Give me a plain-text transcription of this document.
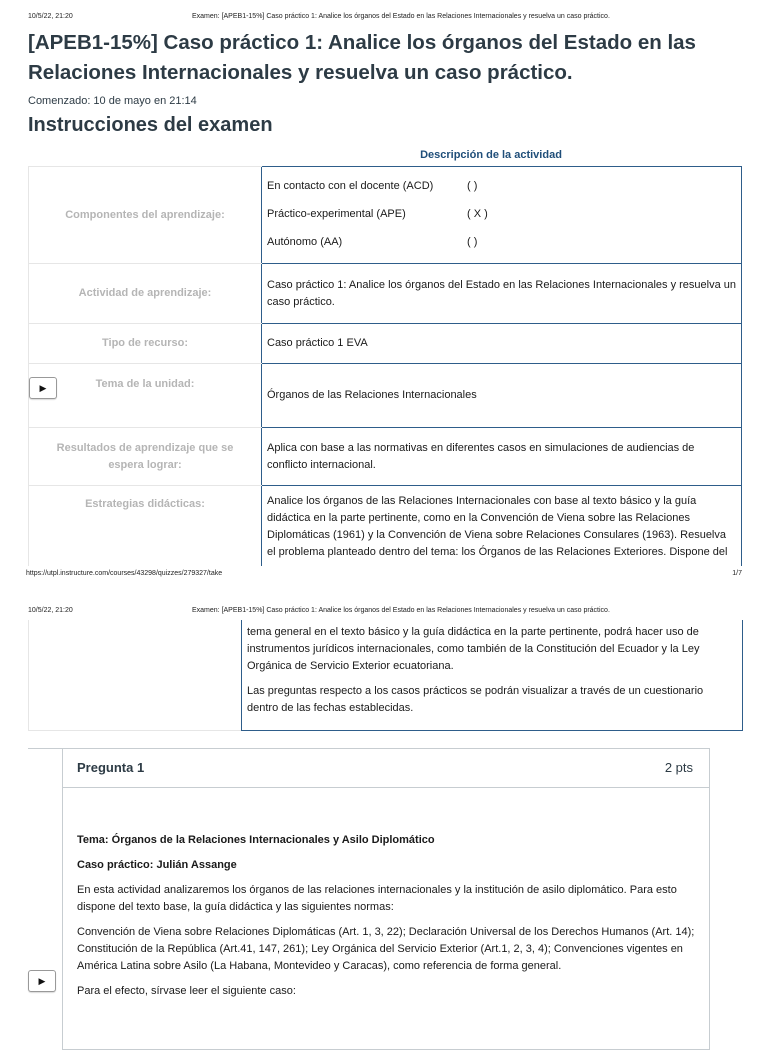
10/5/22, 21:20	Examen: [APEB1-15%] Caso práctico 1: Analice los órganos del Estado en las Relaciones Internacionales y resuelva un caso práctico.
[APEB1-15%] Caso práctico 1: Analice los órganos del Estado en las Relaciones Internacionales y resuelva un caso práctico.
Comenzado: 10 de mayo en 21:14
Instrucciones del examen
Descripción de la actividad
Componentes del aprendizaje:	En contacto con el docente (ACD) ( )
Práctico-experimental (APE) ( X )
Autónomo (AA) ( )

Actividad de aprendizaje:	Caso práctico 1: Analice los órganos del Estado en las Relaciones Internacionales y resuelva un caso práctico.
Tipo de recurso:	Caso práctico 1 EVA
Tema de la unidad:	Órganos de las Relaciones Internacionales
Resultados de aprendizaje que se espera lograr:	Aplica con base a las normativas en diferentes casos en simulaciones de audiencias de conflicto internacional.
Estrategias didácticas:	Analice los órganos de las Relaciones Internacionales con base al texto básico y la guía didáctica en la parte pertinente, como en la Convención de Viena sobre las Relaciones Diplomáticas (1961) y la Convención de Viena sobre Relaciones Consulares (1963). Resuelva el problema planteado dentro del tema: los Órganos de las Relaciones Exteriores. Dispone del
▶
https://utpl.instructure.com/courses/43298/quizzes/279327/take	1/7
10/5/22, 21:20	Examen: [APEB1-15%] Caso práctico 1: Analice los órganos del Estado en las Relaciones Internacionales y resuelva un caso práctico.

tema general en el texto básico y la guía didáctica en la parte pertinente, podrá hacer uso de instrumentos jurídicos internacionales, como también de la Constitución del Ecuador y la Ley Orgánica de Servicio Exterior ecuatoriana.

Las preguntas respecto a los casos prácticos se podrán visualizar a través de un cuestionario dentro de las fechas establecidas.

Pregunta 1	2 pts

Tema: Órganos de la Relaciones Internacionales y Asilo Diplomático

Caso práctico: Julián Assange

En esta actividad analizaremos los órganos de las relaciones internacionales y la institución de asilo diplomático. Para esto dispone del texto base, la guía didáctica y las siguientes normas:

Convención de Viena sobre Relaciones Diplomáticas (Art. 1, 3, 22); Declaración Universal de los Derechos Humanos (Art. 14); Constitución de la República (Art.41, 147, 261); Ley Orgánica del Servicio Exterior (Art.1, 2, 3, 4); Convenciones vigentes en América Latina sobre Asilo (La Habana, Montevideo y Caracas), como referencia de forma general.

Para el efecto, sírvase leer el siguiente caso:

▶
